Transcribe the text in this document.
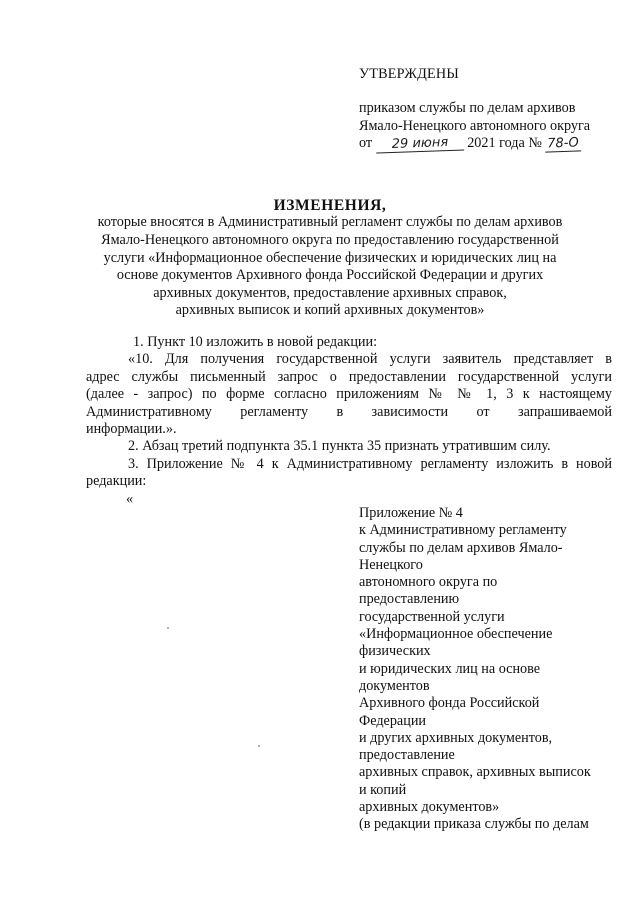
УТВЕРЖДЕНЫ
приказом службы по делам архивов
Ямало-Ненецкого автономного округа
от 29 июня 2021 года № 78-О
ИЗМЕНЕНИЯ,
которые вносятся в Административный регламент службы по делам архивов
Ямало-Ненецкого автономного округа по предоставлению государственной
услуги «Информационное обеспечение физических и юридических лиц на
основе документов Архивного фонда Российской Федерации и других
архивных документов, предоставление архивных справок,
архивных выписок и копий архивных документов»
1. Пункт 10 изложить в новой редакции:
«10. Для получения государственной услуги заявитель представляет в
адрес службы письменный запрос о предоставлении государственной услуги
(далее - запрос) по форме согласно приложениям № № 1, 3 к настоящему
Административному регламенту в зависимости от запрашиваемой
информации.».
2. Абзац третий подпункта 35.1 пункта 35 признать утратившим силу.
3. Приложение № 4 к Административному регламенту изложить в новой
редакции:
«
Приложение № 4
к Административному регламенту
службы по делам архивов Ямало-
Ненецкого
автономного округа по
предоставлению
государственной услуги
«Информационное обеспечение
физических
и юридических лиц на основе
документов
Архивного фонда Российской
Федерации
и других архивных документов,
предоставление
архивных справок, архивных выписок
и копий
архивных документов»
(в редакции приказа службы по делам
